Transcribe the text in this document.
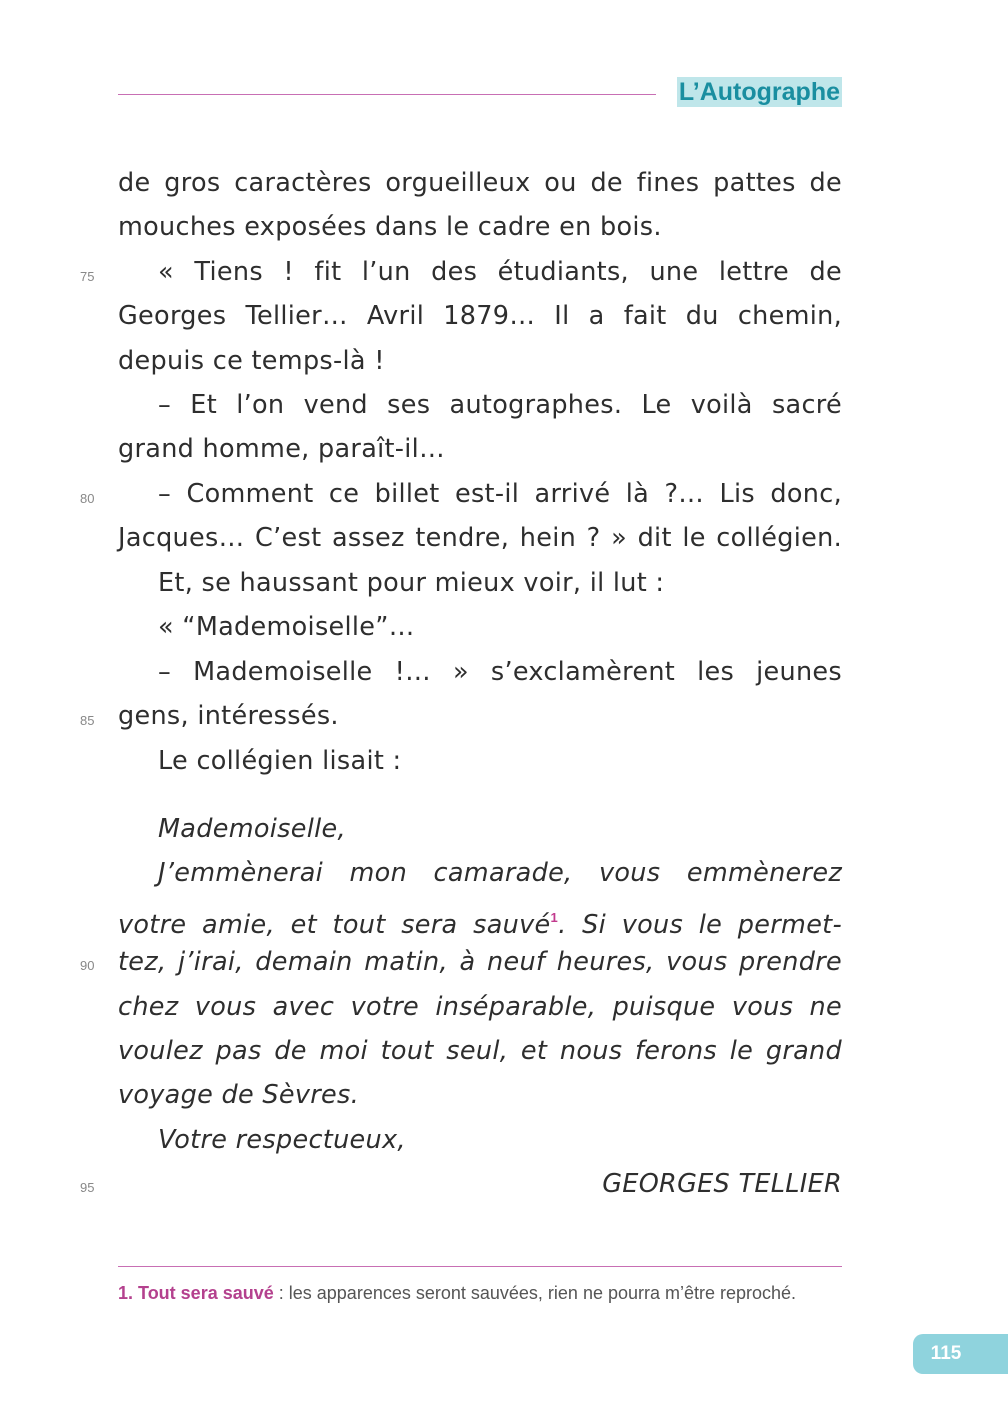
L’Autographe
75
80
85
90
95
de gros caractères orgueilleux ou de fines pattes de
mouches exposées dans le cadre en bois.
« Tiens ! fit l’un des étudiants, une lettre de
Georges Tellier… Avril 1879… Il a fait du chemin,
depuis ce temps-là !
– Et l’on vend ses autographes. Le voilà sacré
grand homme, paraît-il…
– Comment ce billet est-il arrivé là ?… Lis donc,
Jacques… C’est assez tendre, hein ? » dit le collégien.
Et, se haussant pour mieux voir, il lut :
« “Mademoiselle”…
– Mademoiselle !… » s’exclamèrent les jeunes
gens, intéressés.
Le collégien lisait :
Mademoiselle,
J’emmènerai mon camarade, vous emmènerez
votre amie, et tout sera sauvé$^1$. Si vous le permet-
tez, j’irai, demain matin, à neuf heures, vous prendre
chez vous avec votre inséparable, puisque vous ne
voulez pas de moi tout seul, et nous ferons le grand
voyage de Sèvres.
Votre respectueux,
GEORGES TELLIER
1. Tout sera sauvé : les apparences seront sauvées, rien ne pourra m’être reproché.
115
